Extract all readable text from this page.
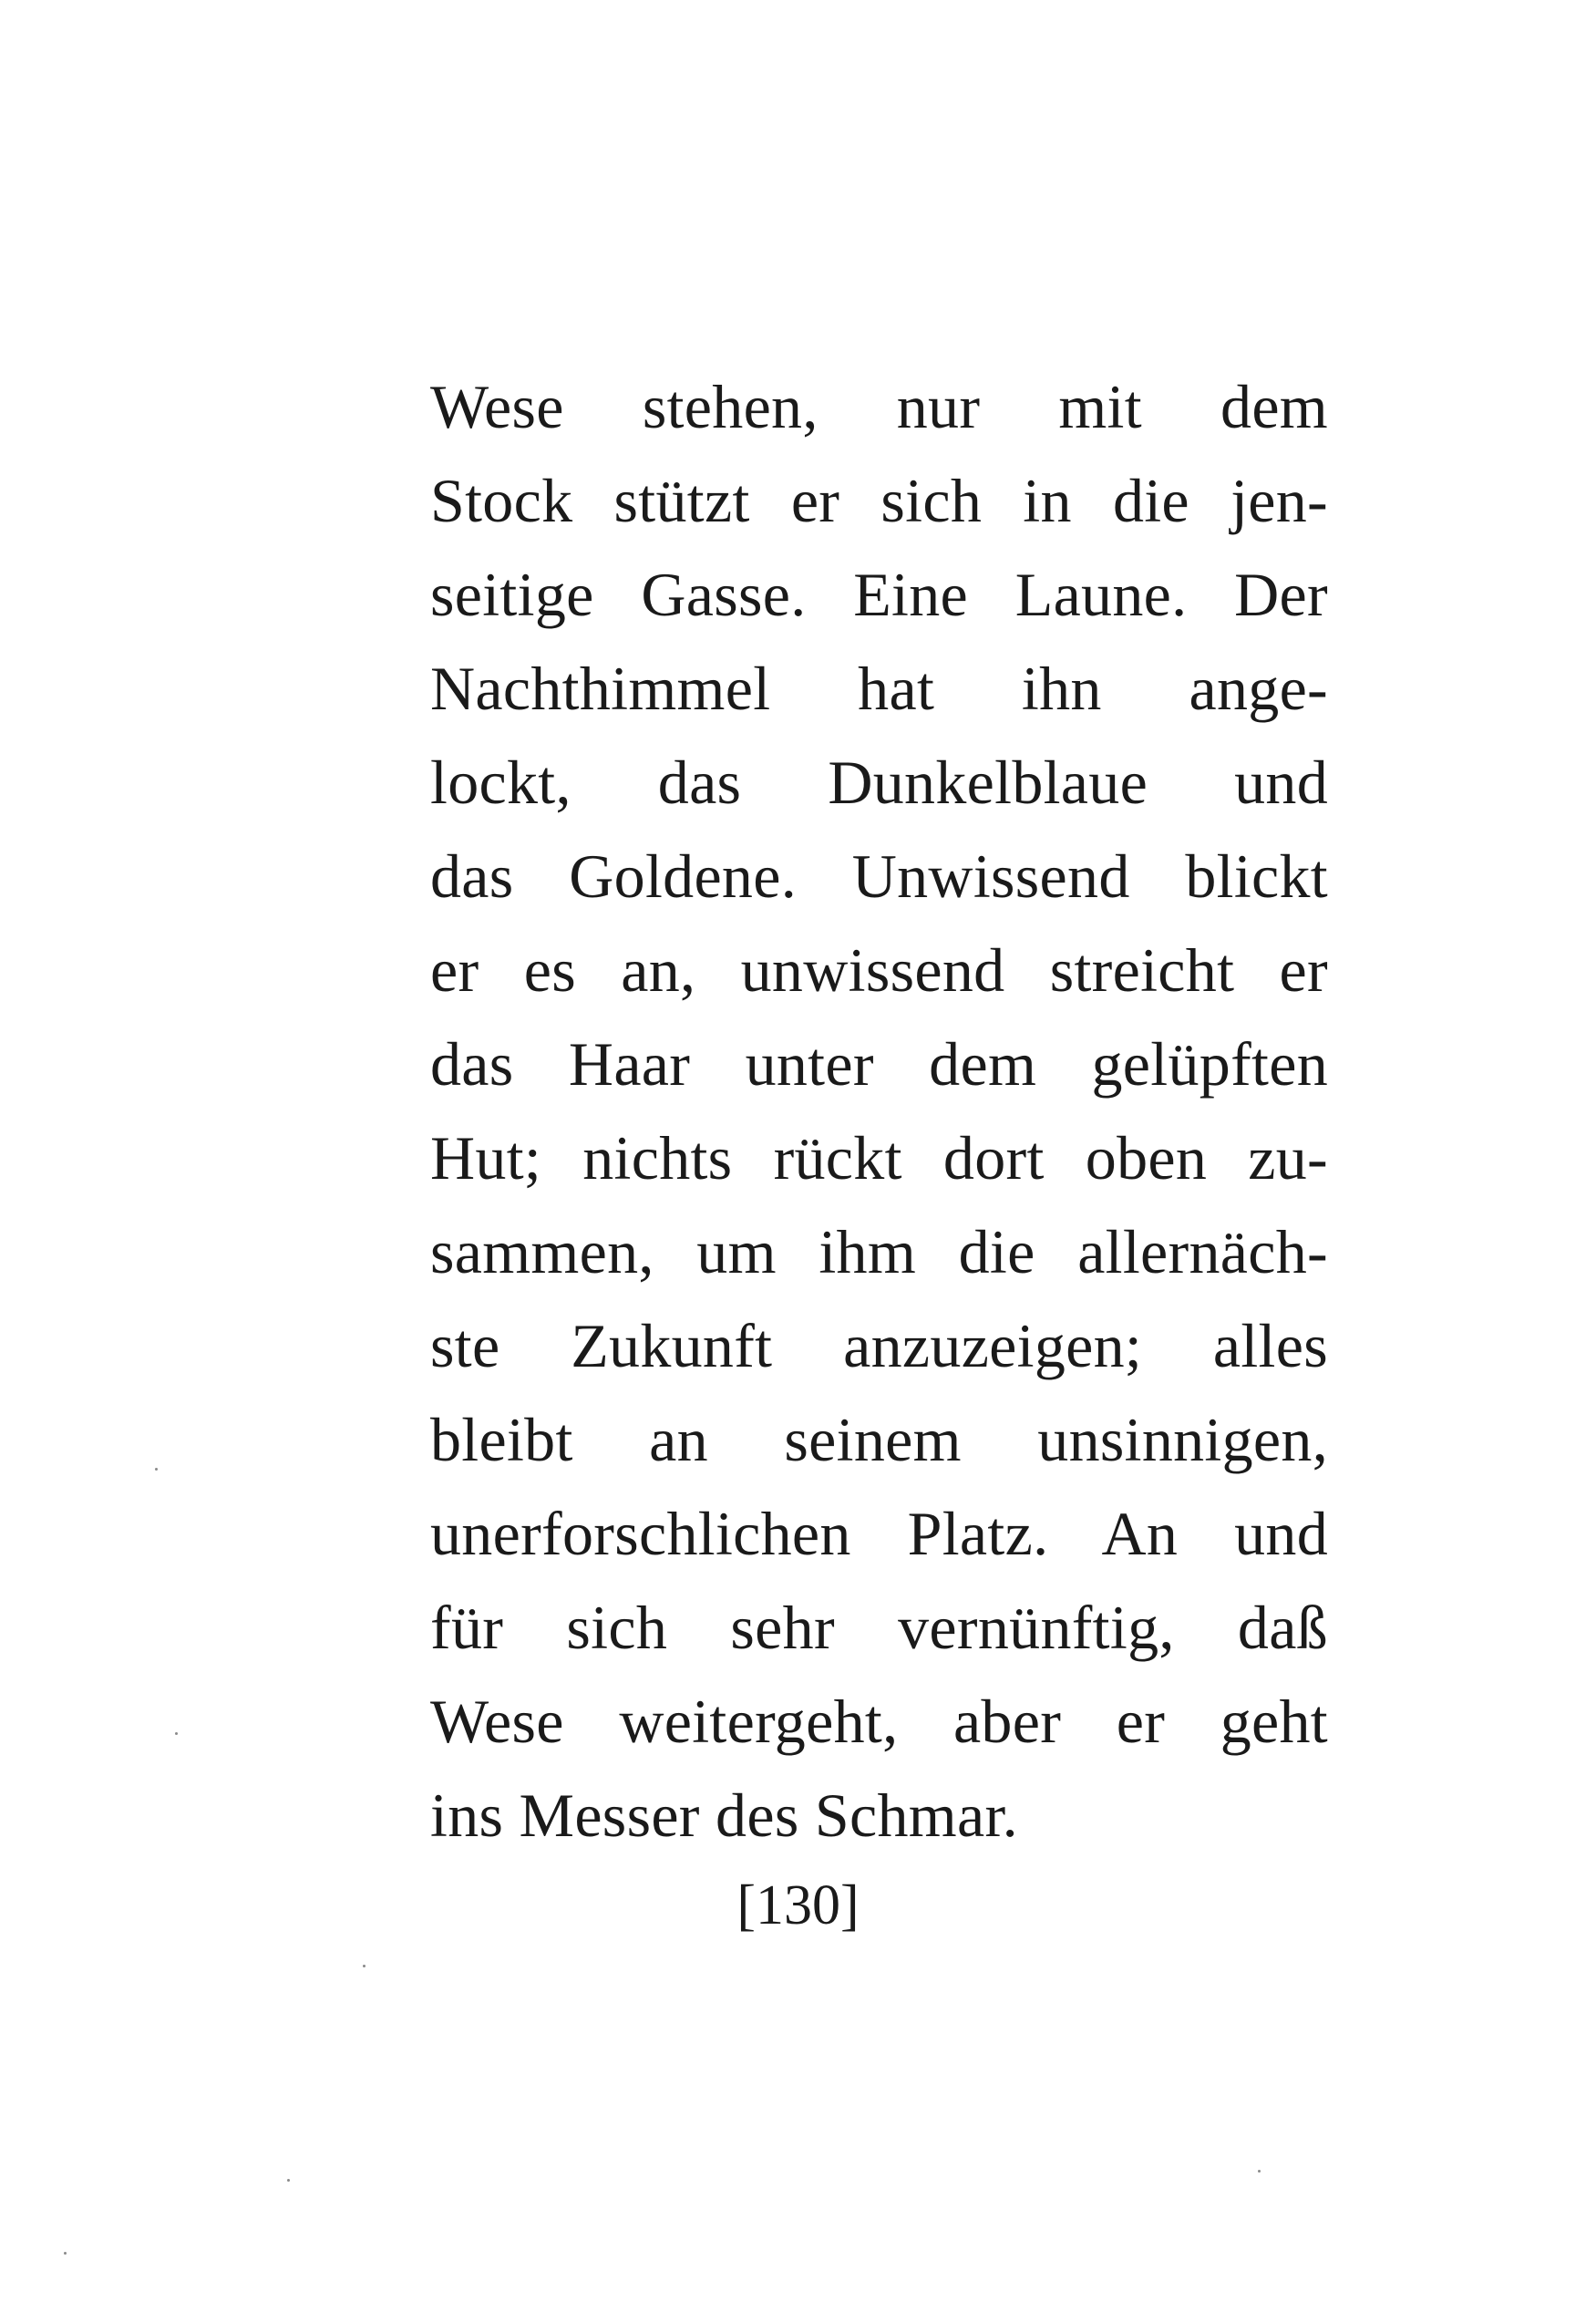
Wese stehen, nur mit dem
Stock stützt er sich in die jen-
seitige Gasse. Eine Laune. Der
Nachthimmel hat ihn ange-
lockt, das Dunkelblaue und
das Goldene. Unwissend blickt
er es an, unwissend streicht er
das Haar unter dem gelüpften
Hut; nichts rückt dort oben zu-
sammen, um ihm die allernäch-
ste Zukunft anzuzeigen; alles
bleibt an seinem unsinnigen,
unerforschlichen Platz. An und
für sich sehr vernünftig, daß
Wese weitergeht, aber er geht
ins Messer des Schmar.
[130]
